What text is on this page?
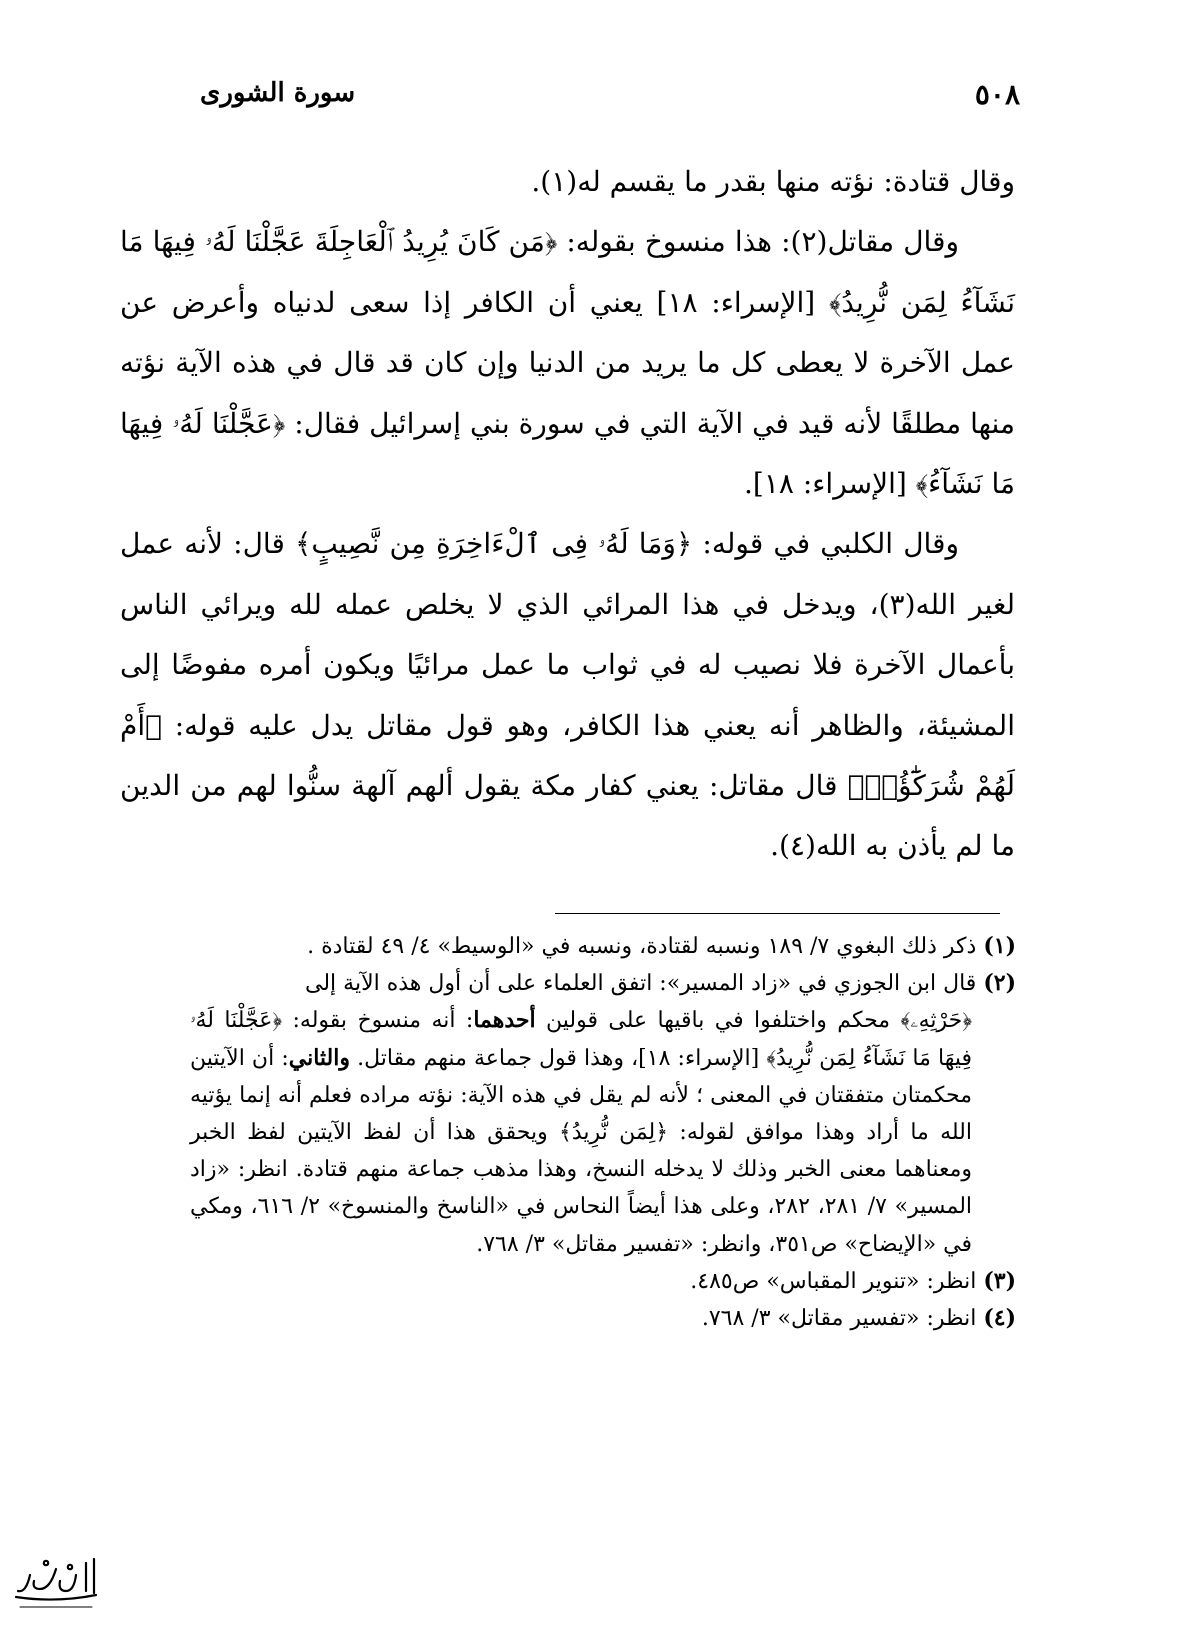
٥٠٨
سورة الشورى

وقال قتادة: نؤته منها بقدر ما يقسم له(١).

وقال مقاتل(٢): هذا منسوخ بقوله: ﴿مَن كَانَ يُرِيدُ ٱلْعَاجِلَةَ عَجَّلْنَا لَهُۥ فِيهَا مَا نَشَآءُ لِمَن نُّرِيدُ﴾ [الإسراء: ١٨] يعني أن الكافر إذا سعى لدنياه وأعرض عن عمل الآخرة لا يعطى كل ما يريد من الدنيا وإن كان قد قال في هذه الآية نؤته منها مطلقًا لأنه قيد في الآية التي في سورة بني إسرائيل فقال: ﴿عَجَّلْنَا لَهُۥ فِيهَا مَا نَشَآءُ﴾ [الإسراء: ١٨].

وقال الكلبي في قوله: ﴿وَمَا لَهُۥ فِى ٱلْءَاخِرَةِ مِن نَّصِيبٍ﴾ قال: لأنه عمل لغير الله(٣)، ويدخل في هذا المرائي الذي لا يخلص عمله لله ويرائي الناس بأعمال الآخرة فلا نصيب له في ثواب ما عمل مرائيًا ويكون أمره مفوضًا إلى المشيئة، والظاهر أنه يعني هذا الكافر، وهو قول مقاتل يدل عليه قوله: ﴿أَمْ لَهُمْ شُرَكَٰٓؤُا۟﴾ قال مقاتل: يعني كفار مكة يقول ألهم آلهة سنُّوا لهم من الدين ما لم يأذن به الله(٤).

(١) ذكر ذلك البغوي ٧/ ١٨٩ ونسبه لقتادة، ونسبه في «الوسيط» ٤/ ٤٩ لقتادة .

(٢) قال ابن الجوزي في «زاد المسير»: اتفق العلماء على أن أول هذه الآية إلى

﴿حَرْثِهِۦ﴾ محكم واختلفوا في باقيها على قولين أحدهما: أنه منسوخ بقوله: ﴿عَجَّلْنَا لَهُۥ فِيهَا مَا نَشَآءُ لِمَن نُّرِيدُ﴾ [الإسراء: ١٨]، وهذا قول جماعة منهم مقاتل. والثاني: أن الآيتين محكمتان متفقتان في المعنى ؛ لأنه لم يقل في هذه الآية: نؤته مراده فعلم أنه إنما يؤتيه الله ما أراد وهذا موافق لقوله: ﴿لِمَن نُّرِيدُ﴾ ويحقق هذا أن لفظ الآيتين لفظ الخبر ومعناهما معنى الخبر وذلك لا يدخله النسخ، وهذا مذهب جماعة منهم قتادة. انظر: «زاد المسير» ٧/ ٢٨١، ٢٨٢، وعلى هذا أيضاً النحاس في «الناسخ والمنسوخ» ٢/ ٦١٦، ومكي في «الإيضاح» ص٣٥١، وانظر: «تفسير مقاتل» ٣/ ٧٦٨.

(٣) انظر: «تنوير المقباس» ص٤٨٥.

(٤) انظر: «تفسير مقاتل» ٣/ ٧٦٨.
